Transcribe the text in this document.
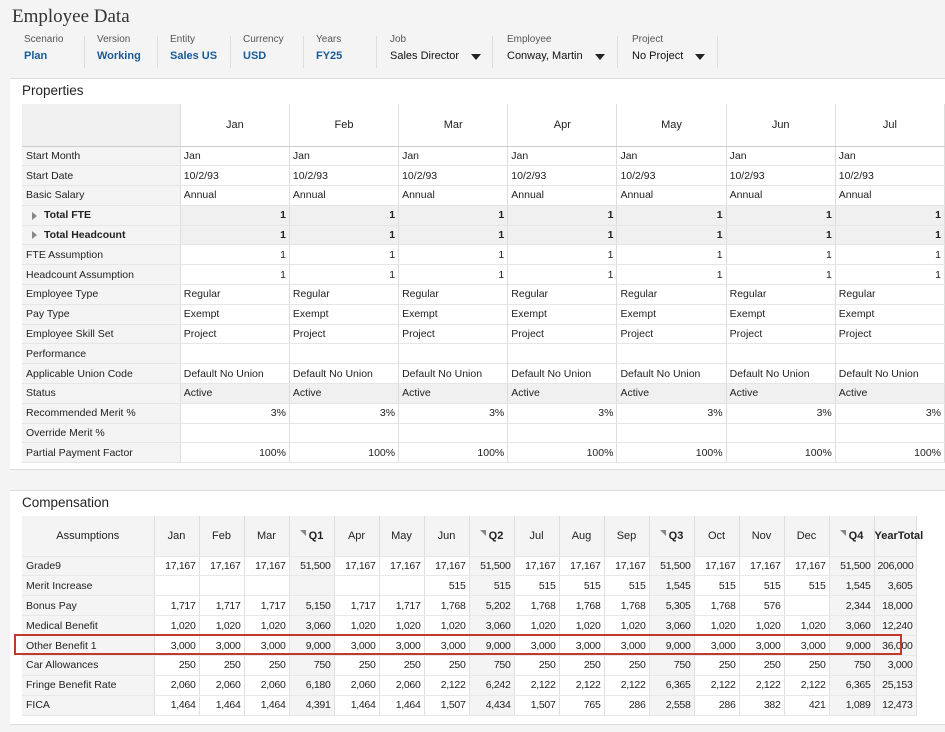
Employee Data
Scenario
Plan
Version
Working
Entity
Sales US
Currency
USD
Years
FY25
Job
Sales Director
Employee
Conway, Martin
Project
No Project
Properties
	Jan	Feb	Mar	Apr	May	Jun	Jul
Start Month	Jan	Jan	Jan	Jan	Jan	Jan	Jan
Start Date	10/2/93	10/2/93	10/2/93	10/2/93	10/2/93	10/2/93	10/2/93
Basic Salary	Annual	Annual	Annual	Annual	Annual	Annual	Annual
Total FTE	1	1	1	1	1	1	1
Total Headcount	1	1	1	1	1	1	1
FTE Assumption	1	1	1	1	1	1	1
Headcount Assumption	1	1	1	1	1	1	1
Employee Type	Regular	Regular	Regular	Regular	Regular	Regular	Regular
Pay Type	Exempt	Exempt	Exempt	Exempt	Exempt	Exempt	Exempt
Employee Skill Set	Project	Project	Project	Project	Project	Project	Project
Performance							
Applicable Union Code	Default No Union	Default No Union	Default No Union	Default No Union	Default No Union	Default No Union	Default No Union
Status	Active	Active	Active	Active	Active	Active	Active
Recommended Merit %	3%	3%	3%	3%	3%	3%	3%
Override Merit %							
Partial Payment Factor	100%	100%	100%	100%	100%	100%	100%
Compensation
Assumptions	Jan	Feb	Mar	Q1	Apr	May	Jun	Q2	Jul	Aug	Sep	Q3	Oct	Nov	Dec	Q4	YearTotal
Grade9	17,167	17,167	17,167	51,500	17,167	17,167	17,167	51,500	17,167	17,167	17,167	51,500	17,167	17,167	17,167	51,500	206,000
Merit Increase							515	515	515	515	515	1,545	515	515	515	1,545	3,605
Bonus Pay	1,717	1,717	1,717	5,150	1,717	1,717	1,768	5,202	1,768	1,768	1,768	5,305	1,768	576		2,344	18,000
Medical Benefit	1,020	1,020	1,020	3,060	1,020	1,020	1,020	3,060	1,020	1,020	1,020	3,060	1,020	1,020	1,020	3,060	12,240
Other Benefit 1	3,000	3,000	3,000	9,000	3,000	3,000	3,000	9,000	3,000	3,000	3,000	9,000	3,000	3,000	3,000	9,000	36,000
Car Allowances	250	250	250	750	250	250	250	750	250	250	250	750	250	250	250	750	3,000
Fringe Benefit Rate	2,060	2,060	2,060	6,180	2,060	2,060	2,122	6,242	2,122	2,122	2,122	6,365	2,122	2,122	2,122	6,365	25,153
FICA	1,464	1,464	1,464	4,391	1,464	1,464	1,507	4,434	1,507	765	286	2,558	286	382	421	1,089	12,473
